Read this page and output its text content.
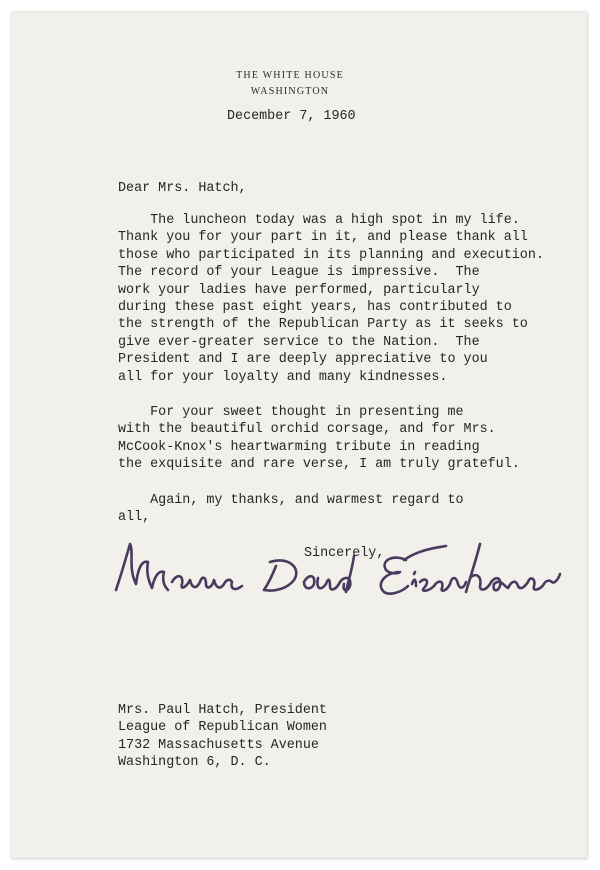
THE WHITE HOUSE
WASHINGTON
December 7, 1960
Dear Mrs. Hatch,
The luncheon today was a high spot in my life.
Thank you for your part in it, and please thank all
those who participated in its planning and execution.
The record of your League is impressive.  The
work your ladies have performed, particularly
during these past eight years, has contributed to
the strength of the Republican Party as it seeks to
give ever-greater service to the Nation.  The
President and I are deeply appreciative to you
all for your loyalty and many kindnesses.
For your sweet thought in presenting me
with the beautiful orchid corsage, and for Mrs.
McCook-Knox's heartwarming tribute in reading
the exquisite and rare verse, I am truly grateful.
Again, my thanks, and warmest regard to
all,
Sincerely,
Mrs. Paul Hatch, President
League of Republican Women
1732 Massachusetts Avenue
Washington 6, D. C.
